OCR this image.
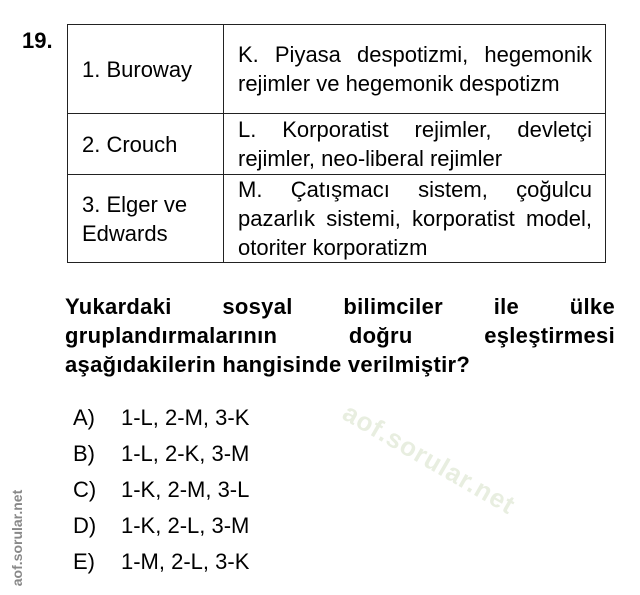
aof.sorular.net
aof.sorular.net
19.
1. Buroway	K. Piyasa despotizmi, hegemonik rejimler ve hegemonik despotizm
2. Crouch	L. Korporatist rejimler, devletçi rejimler, neo-liberal rejimler
3. Elger ve Edwards	M. Çatışmacı sistem, çoğulcu pazarlık sistemi, korporatist model, otoriter korporatizm
Yukardaki sosyal bilimciler ile ülke gruplandırmalarının doğru eşleştirmesi aşağıdakilerin hangisinde verilmiştir?
A)	1-L, 2-M, 3-K
B)	1-L, 2-K, 3-M
C)	1-K, 2-M, 3-L
D)	1-K, 2-L, 3-M
E)	1-M, 2-L, 3-K
